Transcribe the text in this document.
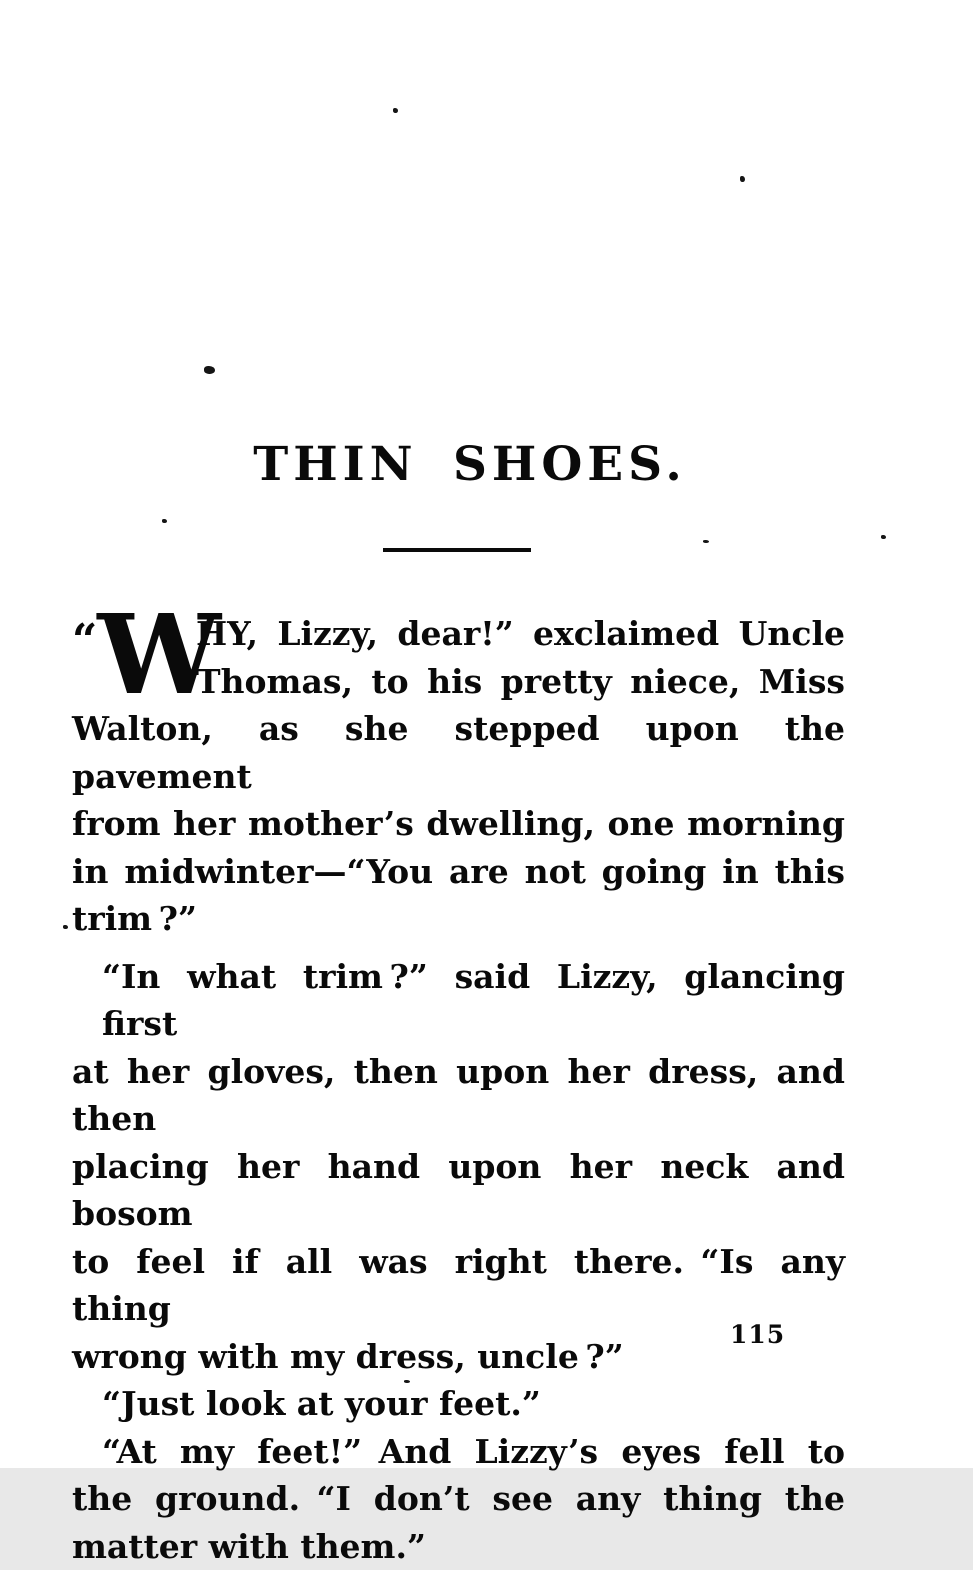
THIN SHOES.
“W
HY, Lizzy, dear!” exclaimed Uncle
Thomas, to his pretty niece, Miss
Walton, as she stepped upon the pavement
from her mother’s dwelling, one morning
in midwinter—“You are not going in this
trim ?”
“In what trim ?” said Lizzy, glancing first
at her gloves, then upon her dress, and then
placing her hand upon her neck and bosom
to feel if all was right there. “Is any thing
wrong with my dress, uncle ?”
“Just look at your feet.”
“At my feet!” And Lizzy’s eyes fell to
the ground. “I don’t see any thing the
matter with them.”
115
